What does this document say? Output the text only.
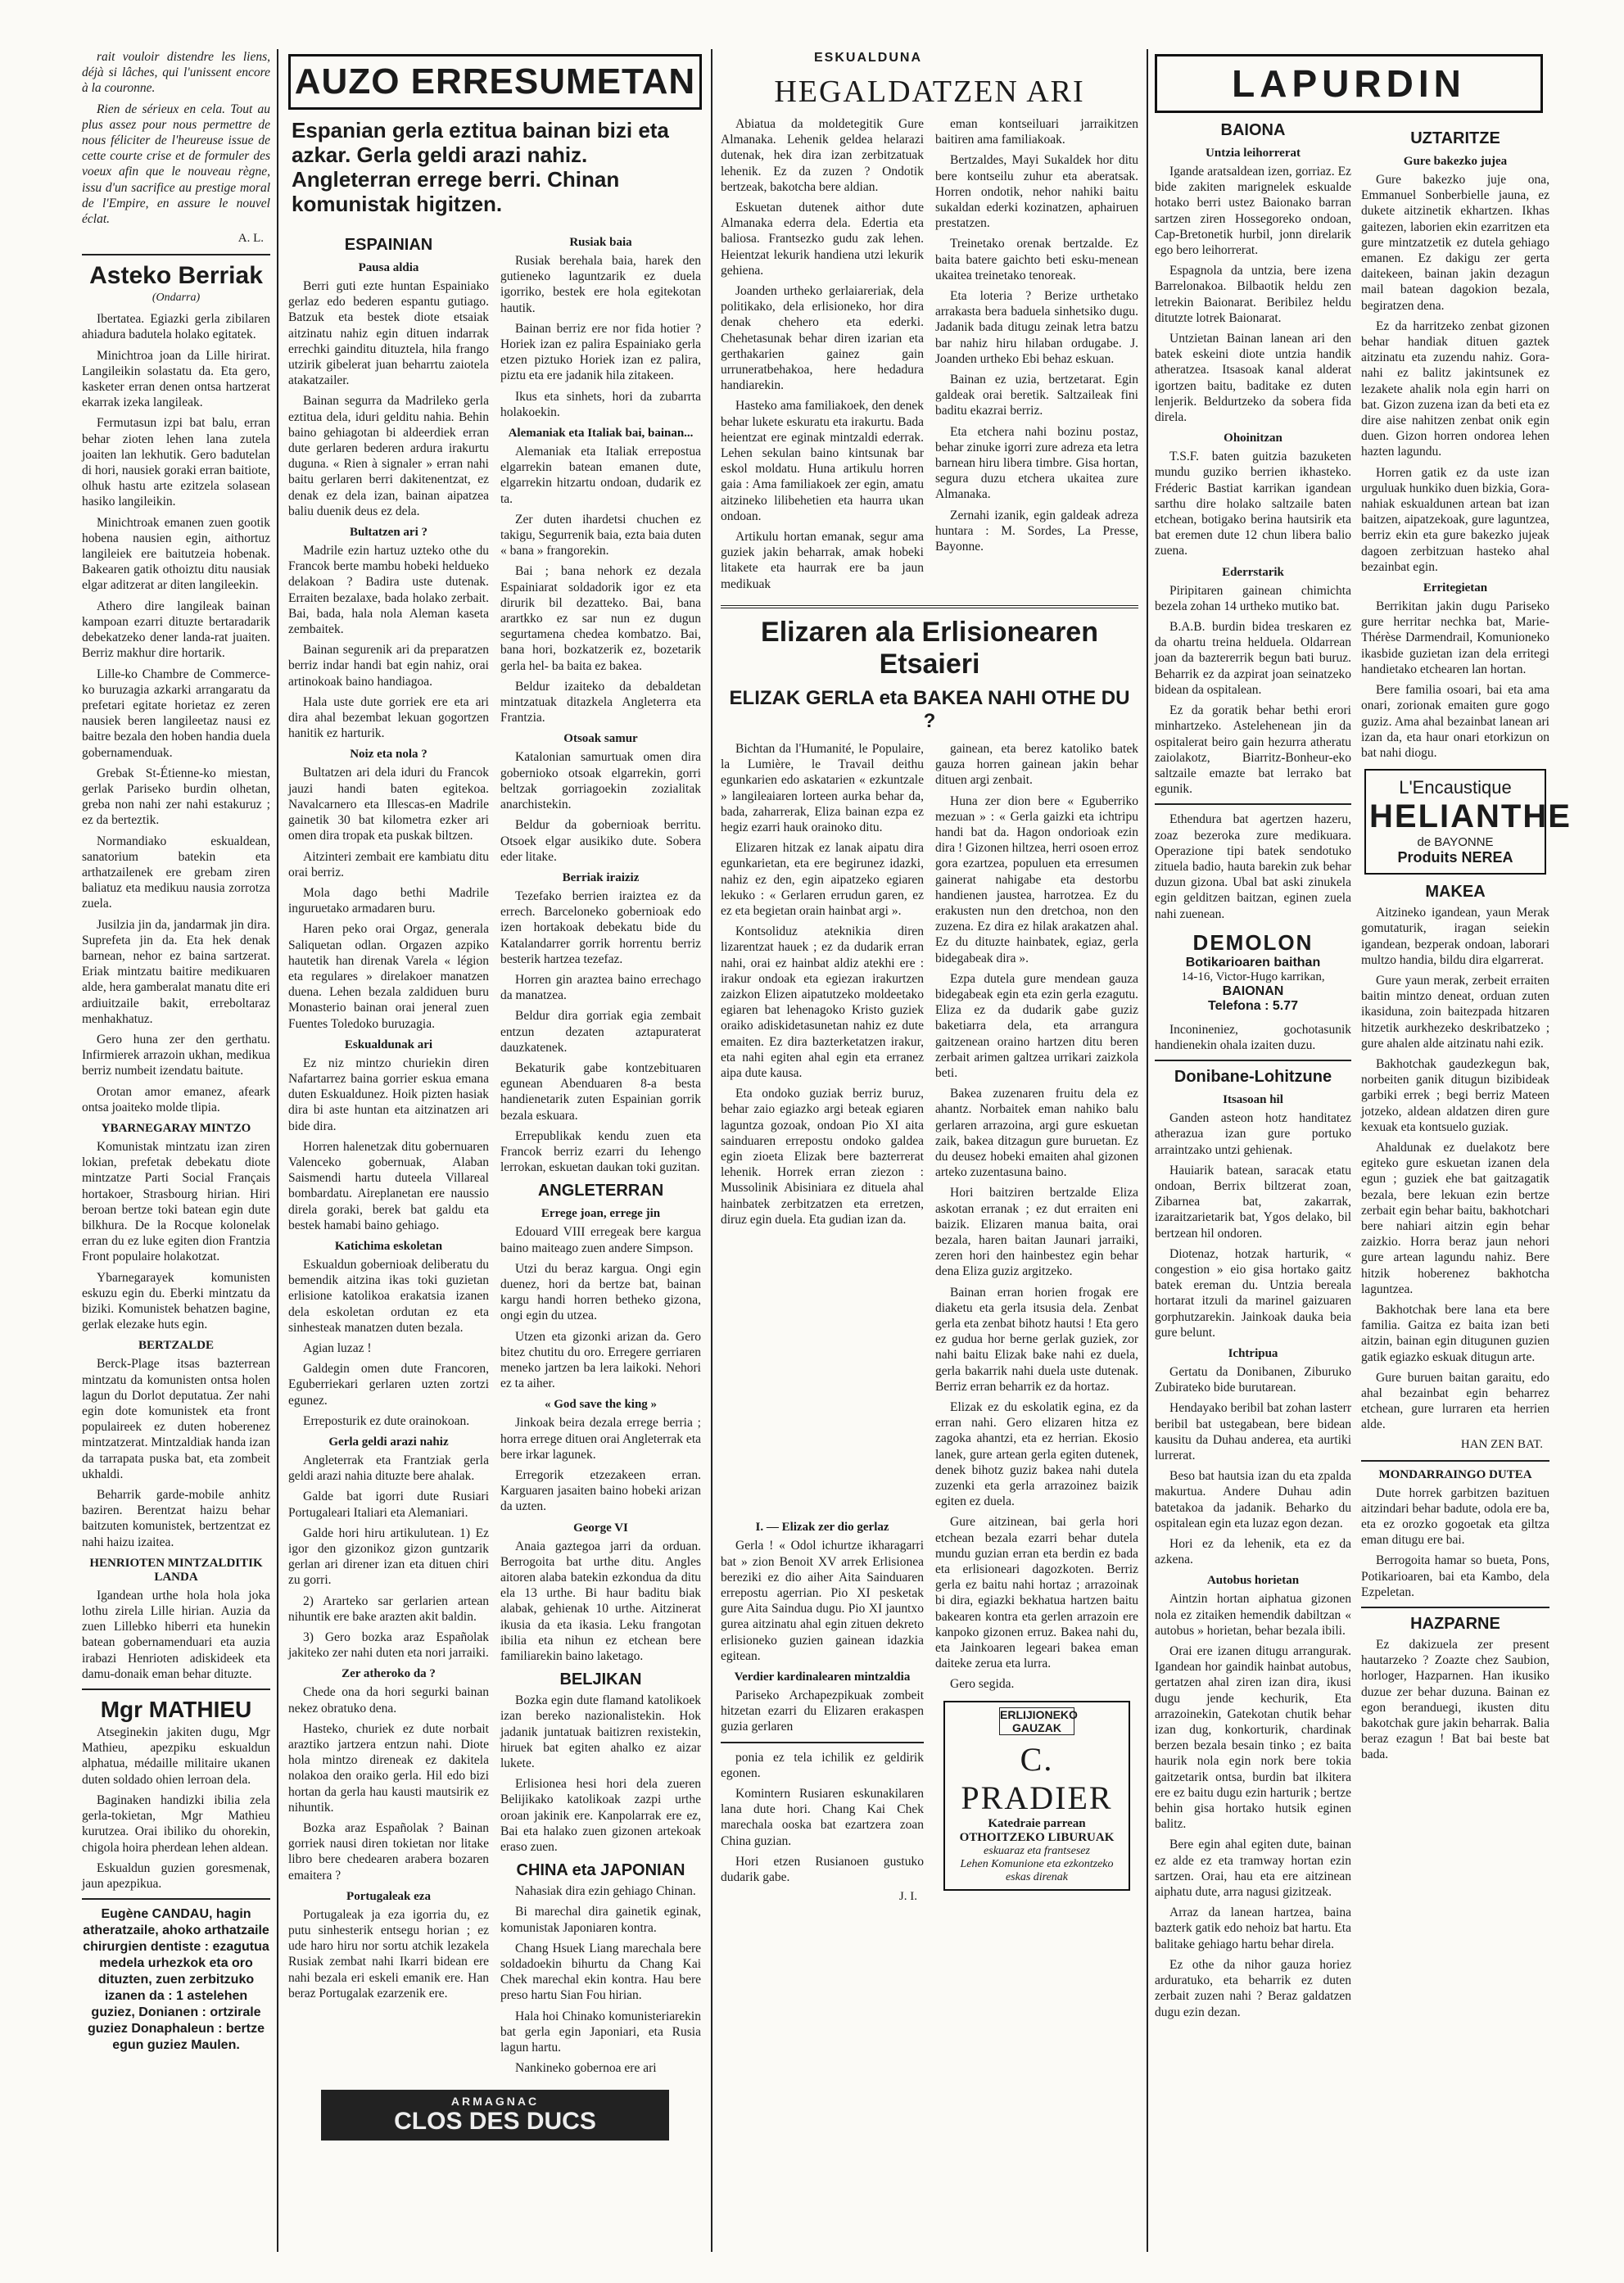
ESKUALDUNA

rait vouloir distendre les liens, déjà si lâches, qui l'unissent encore à la couronne.

Rien de sérieux en cela. Tout au plus assez pour nous permettre de nous féliciter de l'heureuse issue de cette courte crise et de formuler des voeux afin que le nouveau règne, issu d'un sacrifice au prestige moral de l'Empire, en assure le nouvel éclat.

A. L.
Asteko Berriak
(Ondarra)

Ibertatea. Egiazki gerla zibilaren ahiadura badutela holako egitatek.

Minichtroa joan da Lille hirirat. Langileikin solastatu da. Eta gero, kasketer erran denen ontsa hartzerat ekarrak izeka langileak.

Fermutasun izpi bat balu, erran behar zioten lehen lana zutela joaiten lan lekhutik. Gero badutelan di hori, nausiek goraki erran baitiote, olhuk hastu arte ezitzela solasean hasiko langileikin.

Minichtroak emanen zuen gootik hobena nausien egin, aithortuz langileiek ere baitutzeia hobenak. Bakearen gatik othoiztu ditu nausiak elgar aditzerat ar diten langileekin.

Athero dire langileak bainan kampoan ezarri dituzte bertaradarik debekatzeko dener landa-rat juaiten. Berriz makhur dire hortarik.

Lille-ko Chambre de Commerce-ko buruzagia azkarki arrangaratu da prefetari egitate horietaz ez zeren nausiek beren langileetaz nausi ez baitre bezala den hoben handia duela gobernamenduak.

Grebak St-Étienne-ko miestan, gerlak Pariseko burdin olhetan, greba non nahi zer nahi estakuruz ; ez da berteztik.

Normandiako eskualdean, sanatorium batekin eta arthatzailenek ere grebam ziren baliatuz eta medikuu nausia zorrotza zuela.

Jusilzia jin da, jandarmak jin dira. Suprefeta jin da. Eta hek denak barnean, nehor ez baina sartzerat. Eriak mintzatu baitire medikuaren alde, hera gamberalat manatu dite eri ardiuitzaile bakit, erreboltaraz menhakhatuz.

Gero huna zer den gerthatu. Infirmierek arrazoin ukhan, medikua berriz numbeit izendatu baitute.

Orotan amor emanez, afeark ontsa joaiteko molde tlipia.

YBARNEGARAY MINTZO

Komunistak mintzatu izan ziren lokian, prefetak debekatu diote mintzatze Parti Social Français hortakoer, Strasbourg hirian. Hiri beroan bertze toki batean egin dute bilkhura. De la Rocque kolonelak erran du ez luke egiten dion Frantzia Front populaire holakotzat.

Ybarnegarayek komunisten eskuzu egin du. Eberki mintzatu da biziki. Komunistek behatzen bagine, gerlak elezake huts egin.

BERTZALDE

Berck-Plage itsas bazterrean mintzatu da komunisten ontsa holen lagun du Dorlot deputatua. Zer nahi egin dote komunistek eta front populaireek ez duten hoberenez mintzatzerat. Mintzaldiak handa izan da tarrapata puska bat, eta zombeit ukhaldi.

Beharrik garde-mobile anhitz baziren. Berentzat haizu behar baitzuten komunistek, bertzentzat ez nahi haizu izaitea.

HENRIOTEN MINTZALDITIK LANDA

Igandean urthe hola hola joka lothu zirela Lille hirian. Auzia da zuen Lillebko hiberri eta hunekin batean gobernamenduari eta auzia irabazi Henrioten adiskideek eta damu-donaik eman behar dituzte.

Mgr MATHIEU

Atseginekin jakiten dugu, Mgr Mathieu, apezpiku eskualdun alphatua, médaille militaire ukanen duten soldado ohien lerroan dela.

Baginaken handizki ibilia zela gerla-tokietan, Mgr Mathieu kurutzea. Orai ibiliko du ohorekin, chigola hoira pherdean lehen aldean.

Eskualdun guzien goresmenak, jaun apezpikua.

Eugène CANDAU, hagin atheratzaile, ahoko arthatzaile chirurgien dentiste : ezagutua medela urhezkok eta oro dituzten, zuen zerbitzuko izanen da : 1 astelehen guziez, Donianen : ortzirale guziez Donaphaleun : bertze egun guziez Maulen.
AUZO ERRESUMETAN
Espanian gerla eztitua bainan bizi eta azkar. Gerla geldi arazi nahiz. Angleterran errege berri. Chinan komunistak higitzen.
ESPAINIAN
Pausa aldia

Berri guti ezte huntan Espainiako gerlaz edo bederen espantu gutiago. Batzuk eta bestek diote etsaiak aitzinatu nahiz egin dituen indarrak errechki gainditu dituztela, hila frango utzirik gibelerat juan beharrtu zaiotela atakatzailer.

Bainan segurra da Madrileko gerla eztitua dela, iduri gelditu nahia. Behin baino gehiagotan bi aldeerdiek erran dute gerlaren bederen ardura irakurtu duguna. « Rien à signaler » erran nahi baitu gerlaren berri dakitenentzat, ez denak ez dela izan, bainan aipatzea baliu duenik deus ez dela.

Bultatzen ari ?

Madrile ezin hartuz uzteko othe du Francok berte mambu hobeki heldueko delakoan ? Badira uste dutenak. Erraiten bezalaxe, bada holako zerbait. Bai, bada, hala nola Aleman kaseta zembaitek.

Bainan segurenik ari da preparatzen berriz indar handi bat egin nahiz, orai artinokoak baino handiagoa.

Hala uste dute gorriek ere eta ari dira ahal bezembat lekuan gogortzen hanitik ez harturik.

Noiz eta nola ?

Bultatzen ari dela iduri du Francok jauzi handi baten egitekoa. Navalcarnero eta Illescas-en Madrile gainetik 30 bat kilometra ezker ari omen dira tropak eta puskak biltzen.

Aitzinteri zembait ere kambiatu ditu orai berriz.

Mola dago bethi Madrile inguruetako armadaren buru.

Haren peko orai Orgaz, generala Saliquetan odlan. Orgazen azpiko hautetik han direnak Varela « légion eta regulares » direlakoer manatzen duena. Lehen bezala zaldiduen buru Monasterio bainan orai jeneral zuen Fuentes Toledoko buruzagia.

Eskualdunak ari

Ez niz mintzo churiekin diren Nafartarrez baina gorrier eskua emana duten Eskualdunez. Hoik pizten hasiak dira bi aste huntan eta aitzinatzen ari bide dira.

Horren halenetzak ditu gobernuaren Valenceko gobernuak, Alaban Saismendi hartu duteela Villareal bombardatu. Aireplanetan ere naussio direla goraki, berek bat galdu eta bestek hamabi baino gehiago.

Katichima eskoletan

Eskualdun gobernioak deliberatu du bemendik aitzina ikas toki guzietan erlisione katolikoa erakatsia izanen dela eskoletan ordutan ez eta sinhesteak manatzen duten bezala.

Agian luzaz !

Galdegin omen dute Francoren, Eguberriekari gerlaren uzten zortzi egunez.

Erreposturik ez dute orainokoan.

Gerla geldi arazi nahiz

Angleterrak eta Frantziak gerla geldi arazi nahia dituzte bere ahalak.

Galde bat igorri dute Rusiari Portugaleari Italiari eta Alemaniari.

Galde hori hiru artikulutean. 1) Ez igor den gizonikoz gizon guntzarik gerlan ari direner izan eta dituen chiri zu gorri.

2) Ararteko sar gerlarien artean nihuntik ere bake arazten akit baldin.

3) Gero bozka araz Españolak jakiteko zer nahi duten eta nori jarraiki.

Zer atheroko da ?

Chede ona da hori segurki bainan nekez obratuko dena.

Hasteko, churiek ez dute norbait araztiko jartzera entzun nahi. Diote hola mintzo direneak ez dakitela nolakoa den oraiko gerla. Hil edo bizi hortan da gerla hau kausti mautsirik ez nihuntik.

Bozka araz Españolak ? Bainan gorriek nausi diren tokietan nor litake libro bere chedearen arabera bozaren emaitera ?

Portugaleak eza

Portugaleak ja eza igorria du, ez putu sinhesterik entsegu horian ; ez ude haro hiru nor sortu atchik lezakela Rusiak zembat nahi Ikarri bidean ere nahi bezala eri eskeli emanik ere. Han beraz Portugalak ezarzenik ere.

Rusiak baia

Rusiak berehala baia, harek den gutieneko laguntzarik ez duela igorriko, bestek ere hola egitekotan hautik.

Bainan berriz ere nor fida hotier ? Horiek izan ez palira Espainiako gerla etzen piztuko Horiek izan ez palira, piztu eta ere jadanik hila zitakeen.

Ikus eta sinhets, hori da zubarrta holakoekin.

Alemaniak eta Italiak bai, bainan...

Alemaniak eta Italiak errepostua elgarrekin batean emanen dute, elgarrekin hitzartu ondoan, dudarik ez ta.

Zer duten ihardetsi chuchen ez takigu, Segurrenik baia, ezta baia duten « bana » frangorekin.

Bai ; bana nehork ez dezala Espainiarat soldadorik igor ez eta dirurik bil dezatteko. Bai, bana arartkko ez sar nun ez dugun segurtamena chedea kombatzo. Bai, bana hori, bozkatzerik ez, bozetarik gerla hel- ba baita ez bakea.

Beldur izaiteko da debaldetan mintzatuak ditazkela Angleterra eta Frantzia.

Otsoak samur

Katalonian samurtuak omen dira gobernioko otsoak elgarrekin, gorri beltzak gorriagoekin zozialitak anarchistekin.

Beldur da gobernioak berritu. Otsoek elgar ausikiko dute. Sobera eder litake.

Berriak iraiziz

Tezefako berrien iraiztea ez da errech. Barceloneko gobernioak edo izen hortakoak debekatu bide du Katalandarrer gorrik horrentu berriz besterik hartzea tezefaz.

Horren gin araztea baino errechago da manatzea.

Beldur dira gorriak egia zembait entzun dezaten aztapuraterat dauzkatenek.

Bekaturik gabe kontzebituaren egunean Abenduaren 8-a besta handienetarik zuten Espainian gorrik bezala eskuara.

Errepublikak kendu zuen eta Francok berriz ezarri du Iehengo lerrokan, eskuetan daukan toki guzitan.

ANGLETERRAN
Errege joan, errege jin

Edouard VIII erregeak bere kargua baino maiteago zuen andere Simpson.

Utzi du beraz kargua. Ongi egin duenez, hori da bertze bat, bainan kargu handi horren betheko gizona, ongi egin du utzea.

Utzen eta gizonki arizan da. Gero bitez chutitu du oro. Erregere gerriaren meneko jartzen ba lera laikoki. Nehori ez ta aiher.

« God save the king »

Jinkoak beira dezala errege berria ; horra errege dituen orai Angleterrak eta bere irkar lagunek.

Erregorik etzezakeen erran. Karguaren jasaiten baino hobeki arizan da uzten.

George VI

Anaia gaztegoa jarri da orduan. Berrogoita bat urthe ditu. Angles aitoren alaba batekin ezkondua da ditu ela 13 urthe. Bi haur baditu biak alabak, gehienak 10 urthe. Aitzinerat ikusia da eta ikasia. Leku frangotan ibilia eta nihun ez etchean bere familiarekin baino laketago.

BELJIKAN

Bozka egin dute flamand katolikoek izan bereko nazionalistekin. Hok jadanik juntatuak baitizren rexistekin, hiruek bat egiten ahalko ez aizar lukete.

Erlisionea hesi hori dela zueren Belijikako katolikoak zazpi urthe oroan jakinik ere. Kanpolarrak ere ez, Bai eta halako zuen gizonen artekoak eraso zuen.

CHINA eta JAPONIAN

Nahasiak dira ezin gehiago Chinan.

Bi marechal dira gainetik eginak, komunistak Japoniaren kontra.

Chang Hsuek Liang marechala bere soldadoekin bihurtu da Chang Kai Chek marechal ekin kontra. Hau bere preso hartu Sian Fou hirian.

Hala hoi Chinako komunisteriarekin bat gerla egin Japoniari, eta Rusia lagun hartu.

Nankineko gobernoa ere ari

ARMAGNAC
CLOS DES DUCS
HEGALDATZEN ARI

Abiatua da moldetegitik Gure Almanaka. Lehenik geldea helarazi dutenak, hek dira izan zerbitzatuak lehenik. Ez da zuzen ? Ondotik bertzeak, bakotcha bere aldian.

Eskuetan dutenek aithor dute Almanaka ederra dela. Edertia eta baliosa. Frantsezko gudu zak lehen. Heientzat lekurik handiena utzi lekurik gehiena.

Joanden urtheko gerlaiareriak, dela politikako, dela erlisioneko, hor dira denak chehero eta ederki. Chehetasunak behar diren izarian eta gerthakarien gainez gain urruneratbehakoa, here hedadura handiarekin.

Hasteko ama familiakoek, den denek behar lukete eskuratu eta irakurtu. Bada heientzat ere eginak mintzaldi ederrak. Lehen sekulan baino kintsunak bar eskol moldatu. Huna artikulu horren gaia : Ama familiakoek zer egin, amatu aitzineko lilibehetien eta haurra ukan ondoan.

Artikulu hortan emanak, segur ama guziek jakin beharrak, amak hobeki litakete eta haurrak ere ba jaun medikuak

eman kontseiluari jarraikitzen baitiren ama familiakoak.

Bertzaldes, Mayi Sukaldek hor ditu bere kontseilu zuhur eta aberatsak. Horren ondotik, nehor nahiki baitu sukaldan ederki kozinatzen, aphairuen prestatzen.

Treinetako orenak bertzalde. Ez baita batere gaichto beti esku-menean ukaitea treinetako tenoreak.

Eta loteria ? Berize urthetako arrakasta bera baduela sinhetsiko dugu. Jadanik bada ditugu zeinak letra batzu bar nahiz hiru hilaban ordugabe. J. Joanden urtheko Ebi behaz eskuan.

Bainan ez uzia, bertzetarat. Egin galdeak orai beretik. Saltzaileak fini baditu ekazrai berriz.

Eta etchera nahi bozinu postaz, behar zinuke igorri zure adreza eta letra barnean hiru libera timbre. Gisa hortan, segura duzu etchera ukaitea zure Almanaka.

Zernahi izanik, egin galdeak adreza huntara : M. Sordes, La Presse, Bayonne.

Elizaren ala Erlisionearen Etsaieri
ELIZAK GERLA eta BAKEA NAHI OTHE DU ?

Bichtan da l'Humanité, le Populaire, la Lumière, le Travail deithu egunkarien edo askatarien « ezkuntzale » langileaiaren lorteen aurka behar da, bada, zaharrerak, Eliza bainan ezpa ez hegiz ezarri hauk orainoko ditu.

Elizaren hitzak ez lanak aipatu dira egunkarietan, eta ere begirunez idazki, nahiz ez den, egin aipatzeko egiaren lekuko : « Gerlaren errudun garen, ez ez eta begietan orain hainbat argi ».

Kontsoliduz ateknikia diren lizarentzat hauek ; ez da dudarik erran nahi, orai ez hainbat aldiz atekhi ere : irakur ondoak eta egiezan irakurtzen zaizkon Elizen aipatutzeko moldeetako egiaren bat lehenagoko Kristo guziek oraiko adiskidetasunetan nahiz ez dute emaiten. Ez dira bazterketatzen irakur, eta nahi egiten ahal egin eta erranez aipa dute kausa.

Eta ondoko guziak berriz buruz, behar zaio egiazko argi beteak egiaren laguntza gozoak, ondoan Pio XI aita sainduaren errepostu ondoko galdea egin zioeta Elizak bere bazterrerat lehenik. Horrek erran ziezon : Mussolinik Abisiniara ez dituela ahal hainbatek zerbitzatzen eta erretzen, diruz egin duela. Eta gudian izan da.

gainean, eta berez katoliko batek gauza horren gainean jakin behar dituen argi zenbait.

Huna zer dion bere « Eguberriko mezuan » : « Gerla gaizki eta ichtripu handi bat da. Hagon ondorioak ezin dira ! Gizonen hiltzea, herri osoen erroz gora ezartzea, populuen eta erresumen gainerat nahigabe eta destorbu handienen jaustea, harrotzea. Ez du erakusten nun den dretchoa, non den zuzena. Ez dira ez hilak arakatzen ahal. Ez du dituzte hainbatek, egiaz, gerla bidegabeak dira ».

Ezpa dutela gure mendean gauza bidegabeak egin eta ezin gerla ezagutu. Eliza ez da dudarik gabe guziz baketiarra dela, eta arrangura gaitzenean oraino hartzen ditu beren zerbait arimen galtzea urrikari zaizkola beti.

Bakea zuzenaren fruitu dela ez ahantz. Norbaitek eman nahiko balu gerlaren arrazoina, argi gure eskuetan zaik, bakea ditzagun gure buruetan. Ez du deusez hobeki emaiten ahal gizonen arteko zuzentasuna baino.

Hori baitziren bertzalde Eliza askotan erranak ; ez dut erraiten eni baizik. Elizaren manua baita, orai bezala, haren baitan Jaunari jarraiki, zeren hori den hainbestez egin behar dena Eliza guziz argitzeko.

Bainan erran horien frogak ere diaketu eta gerla itsusia dela. Zenbat gerla eta zenbat bihotz hautsi ! Eta gero ez gudua hor berne gerlak guziek, zor nahi baitu Elizak bake nahi ez duela, gerla bakarrik nahi duela uste dutenak. Berriz erran beharrik ez da hortaz.

Elizak ez du eskolatik egina, ez da erran nahi. Gero elizaren hitza ez zagoka ahantzi, eta ez herrian. Ekosio lanek, gure artean gerla egiten dutenek, denek bihotz guziz bakea nahi dutela zuzenki eta gerla arrazoinez baizik egiten ez duela.

I. — Elizak zer dio gerlaz

Gerla ! « Odol ichurtze ikharagarri bat » zion Benoit XV arrek Erlisionea bereziki ez dio aiher Aita Sainduaren errepostu agerrian. Pio XI pesketak gure Aita Saindua dugu. Pio XI jauntxo gurea aitzinatu ahal egin zituen dekreto erlisioneko guzien gainean idazkia egitean.

Verdier kardinalearen mintzaldia

Pariseko Archapezpikuak zombeit hitzetan ezarri du Elizaren erakaspen guzia gerlaren

ponia ez tela ichilik ez geldirik egonen.

Komintern Rusiaren eskunakilaren lana dute hori. Chang Kai Chek marechala ooska bat ezartzera zoan China guzian.

Hori etzen Rusianoen gustuko dudarik gabe.

J. I.

Gure aitzinean, bai gerla hori etchean bezala ezarri behar dutela mundu guzian erran eta berdin ez bada eta erlisioneari dagozkoten. Berriz gerla ez baitu nahi hortaz ; arrazoinak bi dira, egiazki bekhatua hartzen baitu bakearen kontra eta gerlen arrazoin ere kanpoko gizonen erruz. Bakea nahi du, eta Jainkoaren legeari bakea eman daiteke zerua eta lurra.

Gero segida.

ERLIJIONEKO GAUZAK
C. PRADIER
Katedraie parrean
OTHOITZEKO LIBURUAK
eskuaraz eta frantsesez
Lehen Komunione eta ezkontzeko eskas direnak
LAPURDIN
BAIONA
Untzia leihorrerat

Igande aratsaldean izen, gorriaz. Ez bide zakiten marignelek eskualde hotako berri ustez Baionako barran sartzen ziren Hossegoreko ondoan, Cap-Bretonetik hurbil, jonn direlarik ego bero leihorrerat.

Espagnola da untzia, bere izena Barrelonakoa. Bilbaotik heldu zen letrekin Baionarat. Beribilez heldu ditutzte lotrek Baionarat.

Untzietan Bainan lanean ari den batek eskeini diote untzia handik atheratzea. Itsasoak kanal alderat igortzen baitu, baditake ez duten lenjerik. Beldurtzeko da sobera fida direla.

Ohoinitzan

T.S.F. baten guitzia bazuketen mundu guziko berrien ikhasteko. Fréderic Bastiat karrikan igandean sarthu dire holako saltzaile baten etchean, botigako berina hautsirik eta bat eremen dute 12 chun libera balio zuena.

Ederrstarik

Piripitaren gainean chimichta bezela zohan 14 urtheko mutiko bat.

B.A.B. burdin bidea treskaren ez da ohartu treina helduela. Oldarrean joan da baztererrik begun bati buruz. Beharrik ez da azpirat joan seinatzeko bidean da ospitalean.

Ez da goratik behar bethi erori minhartzeko. Astelehenean jin da ospitalerat beiro gain hezurra atheratu zaiolakotz, Biarritz-Bonheur-eko saltzaile emazte bat lerrako bat egunik.

Ethendura bat agertzen hazeru, zoaz bezeroka zure medikuara. Operazione tipi batek sendotuko zituela badio, hauta barekin zuk behar duzun gizona. Ubal bat aski zinukela egin gelditzen baitzan, eginen zuela nahi zuenean.

DEMOLON
Botikarioaren baithan
14-16, Victor-Hugo karrikan,
BAIONAN
Telefona : 5.77

Inconineniez, gochotasunik handienekin ohala izaiten duzu.

Donibane-Lohitzune
Itsasoan hil

Ganden asteon hotz handitatez atherazua izan gure portuko arraintzako untzi gehienak.

Hauiarik batean, saracak etatu ondoan, Berrix biltzerat zoan, Zibarnea bat, zakarrak, izaraitzarietarik bat, Ygos delako, bil bertzean hil ondoren.

Diotenaz, hotzak harturik, « congestion » eio gisa hortako gaitz batek ereman du. Untzia bereala hortarat itzuli da marinel gaizuaren gorphutzarekin. Jainkoak dauka beia gure belunt.

Ichtripua

Gertatu da Donibanen, Ziburuko Zubirateko bide burutarean.

Hendayako beribil bat zohan lasterr beribil bat ustegabean, bere bidean kausitu da Duhau anderea, eta aurtiki lurrerat.

Beso bat hautsia izan du eta zpalda makurtua. Andere Duhau adin batetakoa da jadanik. Beharko du ospitalean egin eta luzaz egon dezan.

Hori ez da lehenik, eta ez da azkena.

Autobus horietan

Aintzin hortan aiphatua gizonen nola ez zitaiken hemendik dabiltzan « autobus » horietan, behar bezala ibili.

Orai ere izanen ditugu arrangurak. Igandean hor gaindik hainbat autobus, gertatzen ahal ziren izan dira, ikusi dugu jende kechurik, Eta arrazoinekin, Gatekotan chutik behar izan dug, konkorturik, chardinak berzen bezala besain tinko ; ez baita haurik nola egin nork bere tokia gaitzetarik ontsa, burdin bat ilkitera ere ez baitu dugu ezin harturik ; bertze behin gisa hortako hutsik eginen balitz.

Bere egin ahal egiten dute, bainan ez alde ez eta tramway hortan ezin sartzen. Orai, hau eta ere aitzinean aiphatu dute, arra nagusi gizitzeak.

Arraz da lanean hartzea, baina bazterk gatik edo nehoiz bat hartu. Eta balitake gehiago hartu behar direla.

Ez othe da nihor gauza horiez arduratuko, eta beharrik ez duten zerbait zuzen nahi ? Beraz galdatzen dugu ezin dezan.

UZTARITZE
Gure bakezko jujea

Gure bakezko juje ona, Emmanuel Sonberbielle jauna, ez dukete aitzinetik ekhartzen. Ikhas gaitezen, laborien ekin ezarritzen eta gure mintzatzetik ez dutela gehiago emanen. Ez dakigu zer gerta daitekeen, bainan jakin dezagun mail batean dagokion bezala, begiratzen dena.

Ez da harritzeko zenbat gizonen behar handiak dituen gaztek aitzinatu eta zuzendu nahiz. Gora-nahi ez balitz jakintsunek ez lezakete ahalik nola egin harri on bat. Gizon zuzena izan da beti eta ez dire aise nahitzen zenbat onik egin duen. Gizon horren ondorea lehen hazten lagundu.

Horren gatik ez da uste izan urguluak hunkiko duen bizkia, Gora-nahiak eskualdunen artean bat izan baitzen, aipatzekoak, gure laguntzea, berriz ekin eta gure bakezko jujeak dagoen zerbitzuan hasteko ahal bezainbat egin.

Erritegietan

Berrikitan jakin dugu Pariseko gure herritar nechka bat, Marie-Thérèse Darmendrail, Komunioneko ikasbide guzietan izan dela erritegi handietako etchearen lan hortan.

Bere familia osoari, bai eta ama onari, zorionak emaiten gure gogo guziz. Ama ahal bezainbat lanean ari izan da, eta haur onari etorkizun on bat nahi diogu.

L'Encaustique
HELIANTHE
de BAYONNE
Produits NEREA
MAKEA

Aitzineko igandean, yaun Merak gomutaturik, iragan seiekin igandean, bezperak ondoan, laborari multzo handia, bildu dira elgarrerat.

Gure yaun merak, zerbeit erraiten baitin mintzo deneat, orduan zuten ikasiduna, zoin baitezpada hitzaren hitzetik aurkhezeko deskribatzeko ; gure ahalen alde aitzinatu nahi ezik.

Bakhotchak gaudezkegun bak, norbeiten ganik ditugun bizibideak garbiki errek ; begi berriz Mateen jotzeko, aldean aldatzen diren gure kexuak eta kontsuelo guziak.

Ahaldunak ez duelakotz bere egiteko gure eskuetan izanen dela egun ; guziek ehe bat gaitzagatik bezala, bere lekuan ezin bertze zerbait egin behar baitu, bakhotchari bere nahiari aitzin egin behar zaizkio. Horra beraz jaun nehori gure artean lagundu nahiz. Bere hitzik hoberenez bakhotcha laguntzea.

Bakhotchak bere lana eta bere familia. Gaitza ez baita izan beti aitzin, bainan egin ditugunen guzien gatik egiazko eskuak ditugun arte.

Gure buruen baitan garaitu, edo ahal bezainbat egin beharrez etchean, gure lurraren eta herrien alde.

HAN ZEN BAT.
MONDARRAINGO DUTEA

Dute horrek garbitzen bazituen aitzindari behar badute, odola ere ba, eta ez orozko gogoetak eta giltza eman ditugu ere bai.

Berrogoita hamar so bueta, Pons, Potikarioaren, bai eta Kambo, dela Ezpeletan.

HAZPARNE

Ez dakizuela zer present hautarzeko ? Zoazte chez Saubion, horloger, Hazparnen. Han ikusiko duzue zer behar duzuna. Bainan ez egon beranduegi, ikusten ditu bakotchak gure jakin beharrak. Balia beraz ezagun ! Bat bai beste bat bada.
